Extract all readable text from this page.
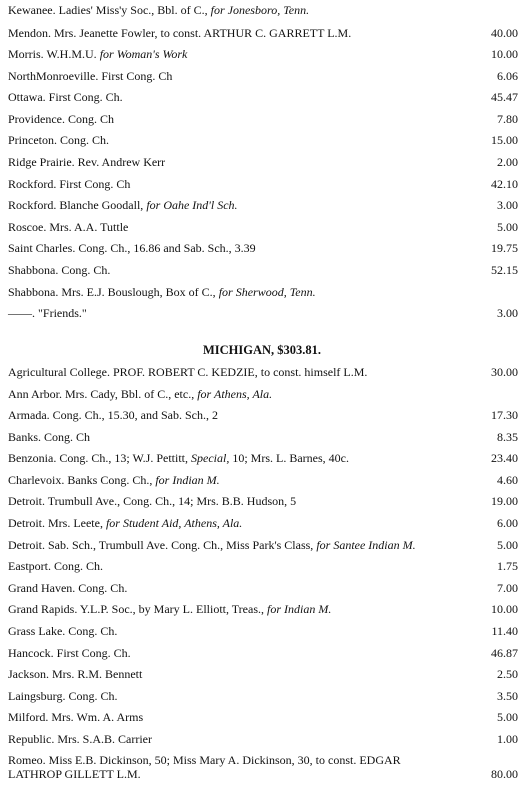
Kewanee. Ladies' Miss'y Soc., Bbl. of C., for Jonesboro, Tenn.
Mendon. Mrs. Jeanette Fowler, to const. ARTHUR C. GARRETT L.M.	40.00
Morris. W.H.M.U. for Woman's Work	10.00
NorthMonroeville. First Cong. Ch	6.06
Ottawa. First Cong. Ch.	45.47
Providence. Cong. Ch	7.80
Princeton. Cong. Ch.	15.00
Ridge Prairie. Rev. Andrew Kerr	2.00
Rockford. First Cong. Ch	42.10
Rockford. Blanche Goodall, for Oahe Ind'l Sch.	3.00
Roscoe. Mrs. A.A. Tuttle	5.00
Saint Charles. Cong. Ch., 16.86 and Sab. Sch., 3.39	19.75
Shabbona. Cong. Ch.	52.15
Shabbona. Mrs. E.J. Bouslough, Box of C., for Sherwood, Tenn.
——. "Friends."	3.00
MICHIGAN, $303.81.
Agricultural College. PROF. ROBERT C. KEDZIE, to const. himself L.M.	30.00
Ann Arbor. Mrs. Cady, Bbl. of C., etc., for Athens, Ala.
Armada. Cong. Ch., 15.30, and Sab. Sch., 2	17.30
Banks. Cong. Ch	8.35
Benzonia. Cong. Ch., 13; W.J. Pettitt, Special, 10; Mrs. L. Barnes, 40c.	23.40
Charlevoix. Banks Cong. Ch., for Indian M.	4.60
Detroit. Trumbull Ave., Cong. Ch., 14; Mrs. B.B. Hudson, 5	19.00
Detroit. Mrs. Leete, for Student Aid, Athens, Ala.	6.00
Detroit. Sab. Sch., Trumbull Ave. Cong. Ch., Miss Park's Class, for Santee Indian M.	5.00
Eastport. Cong. Ch.	1.75
Grand Haven. Cong. Ch.	7.00
Grand Rapids. Y.L.P. Soc., by Mary L. Elliott, Treas., for Indian M.	10.00
Grass Lake. Cong. Ch.	11.40
Hancock. First Cong. Ch.	46.87
Jackson. Mrs. R.M. Bennett	2.50
Laingsburg. Cong. Ch.	3.50
Milford. Mrs. Wm. A. Arms	5.00
Republic. Mrs. S.A.B. Carrier	1.00
Romeo. Miss E.B. Dickinson, 50; Miss Mary A. Dickinson, 30, to const. EDGAR LATHROP GILLETT L.M.	80.00
